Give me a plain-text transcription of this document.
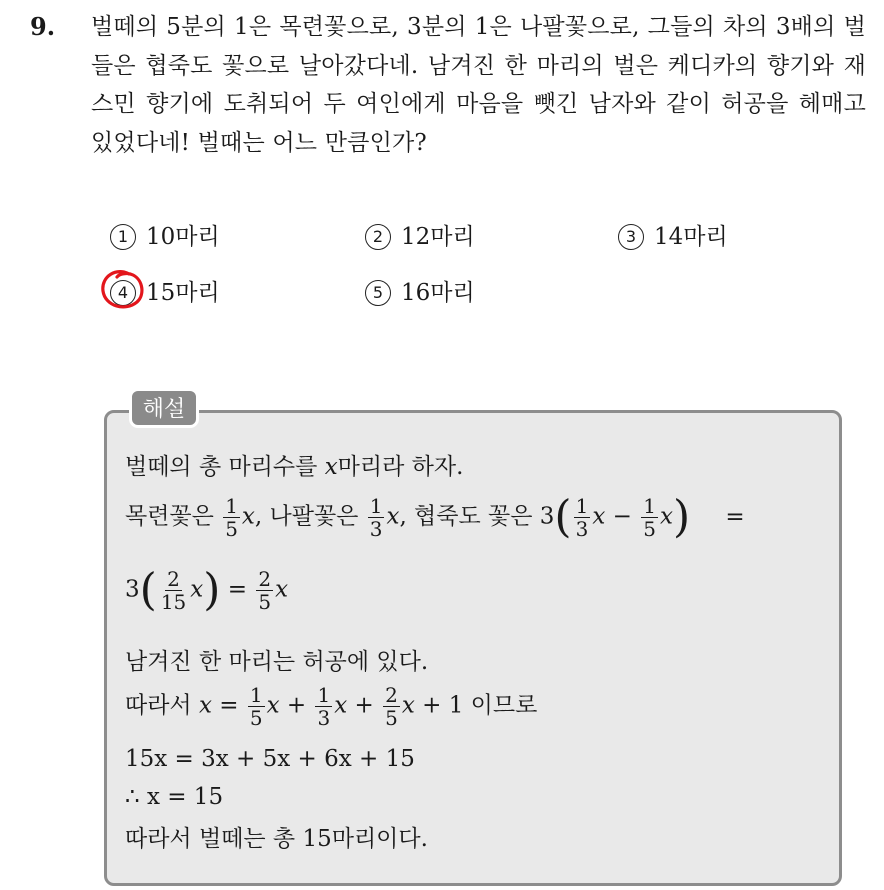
9. 벌떼의 5분의 1은 목련꽃으로, 3분의 1은 나팔꽃으로, 그들의 차의 3배의 벌들은 협죽도 꽃으로 날아갔다네. 남겨진 한 마리의 벌은 케디카의 향기와 재스민 향기에 도취되어 두 여인에게 마음을 뺏긴 남자와 같이 허공을 헤매고 있었다네! 벌때는 어느 만큼인가?
1 10마리	2 12마리	3 14마리
4 15마리	5 16마리
해설
벌떼의 총 마리수를 x마리라 하자.
목련꽃은 $\frac{1}{5} x$, 나팔꽃은 $\frac{1}{3} x$, 협죽도 꽃은 $3( \frac{1}{3}$ $x - \frac{1}{5} x$) =
$3( \frac{2}{15} x) = \frac{2}{5}$ x
남겨진 한 마리는 허공에 있다.
따라서 $x = \frac{1}{5}$ $x + \frac{1}{3}$ $x + \frac{2}{5}$ x + 1 이므로
15x = 3x + 5x + 6x + 15
∴ x = 15
따라서 벌떼는 총 15마리이다.
